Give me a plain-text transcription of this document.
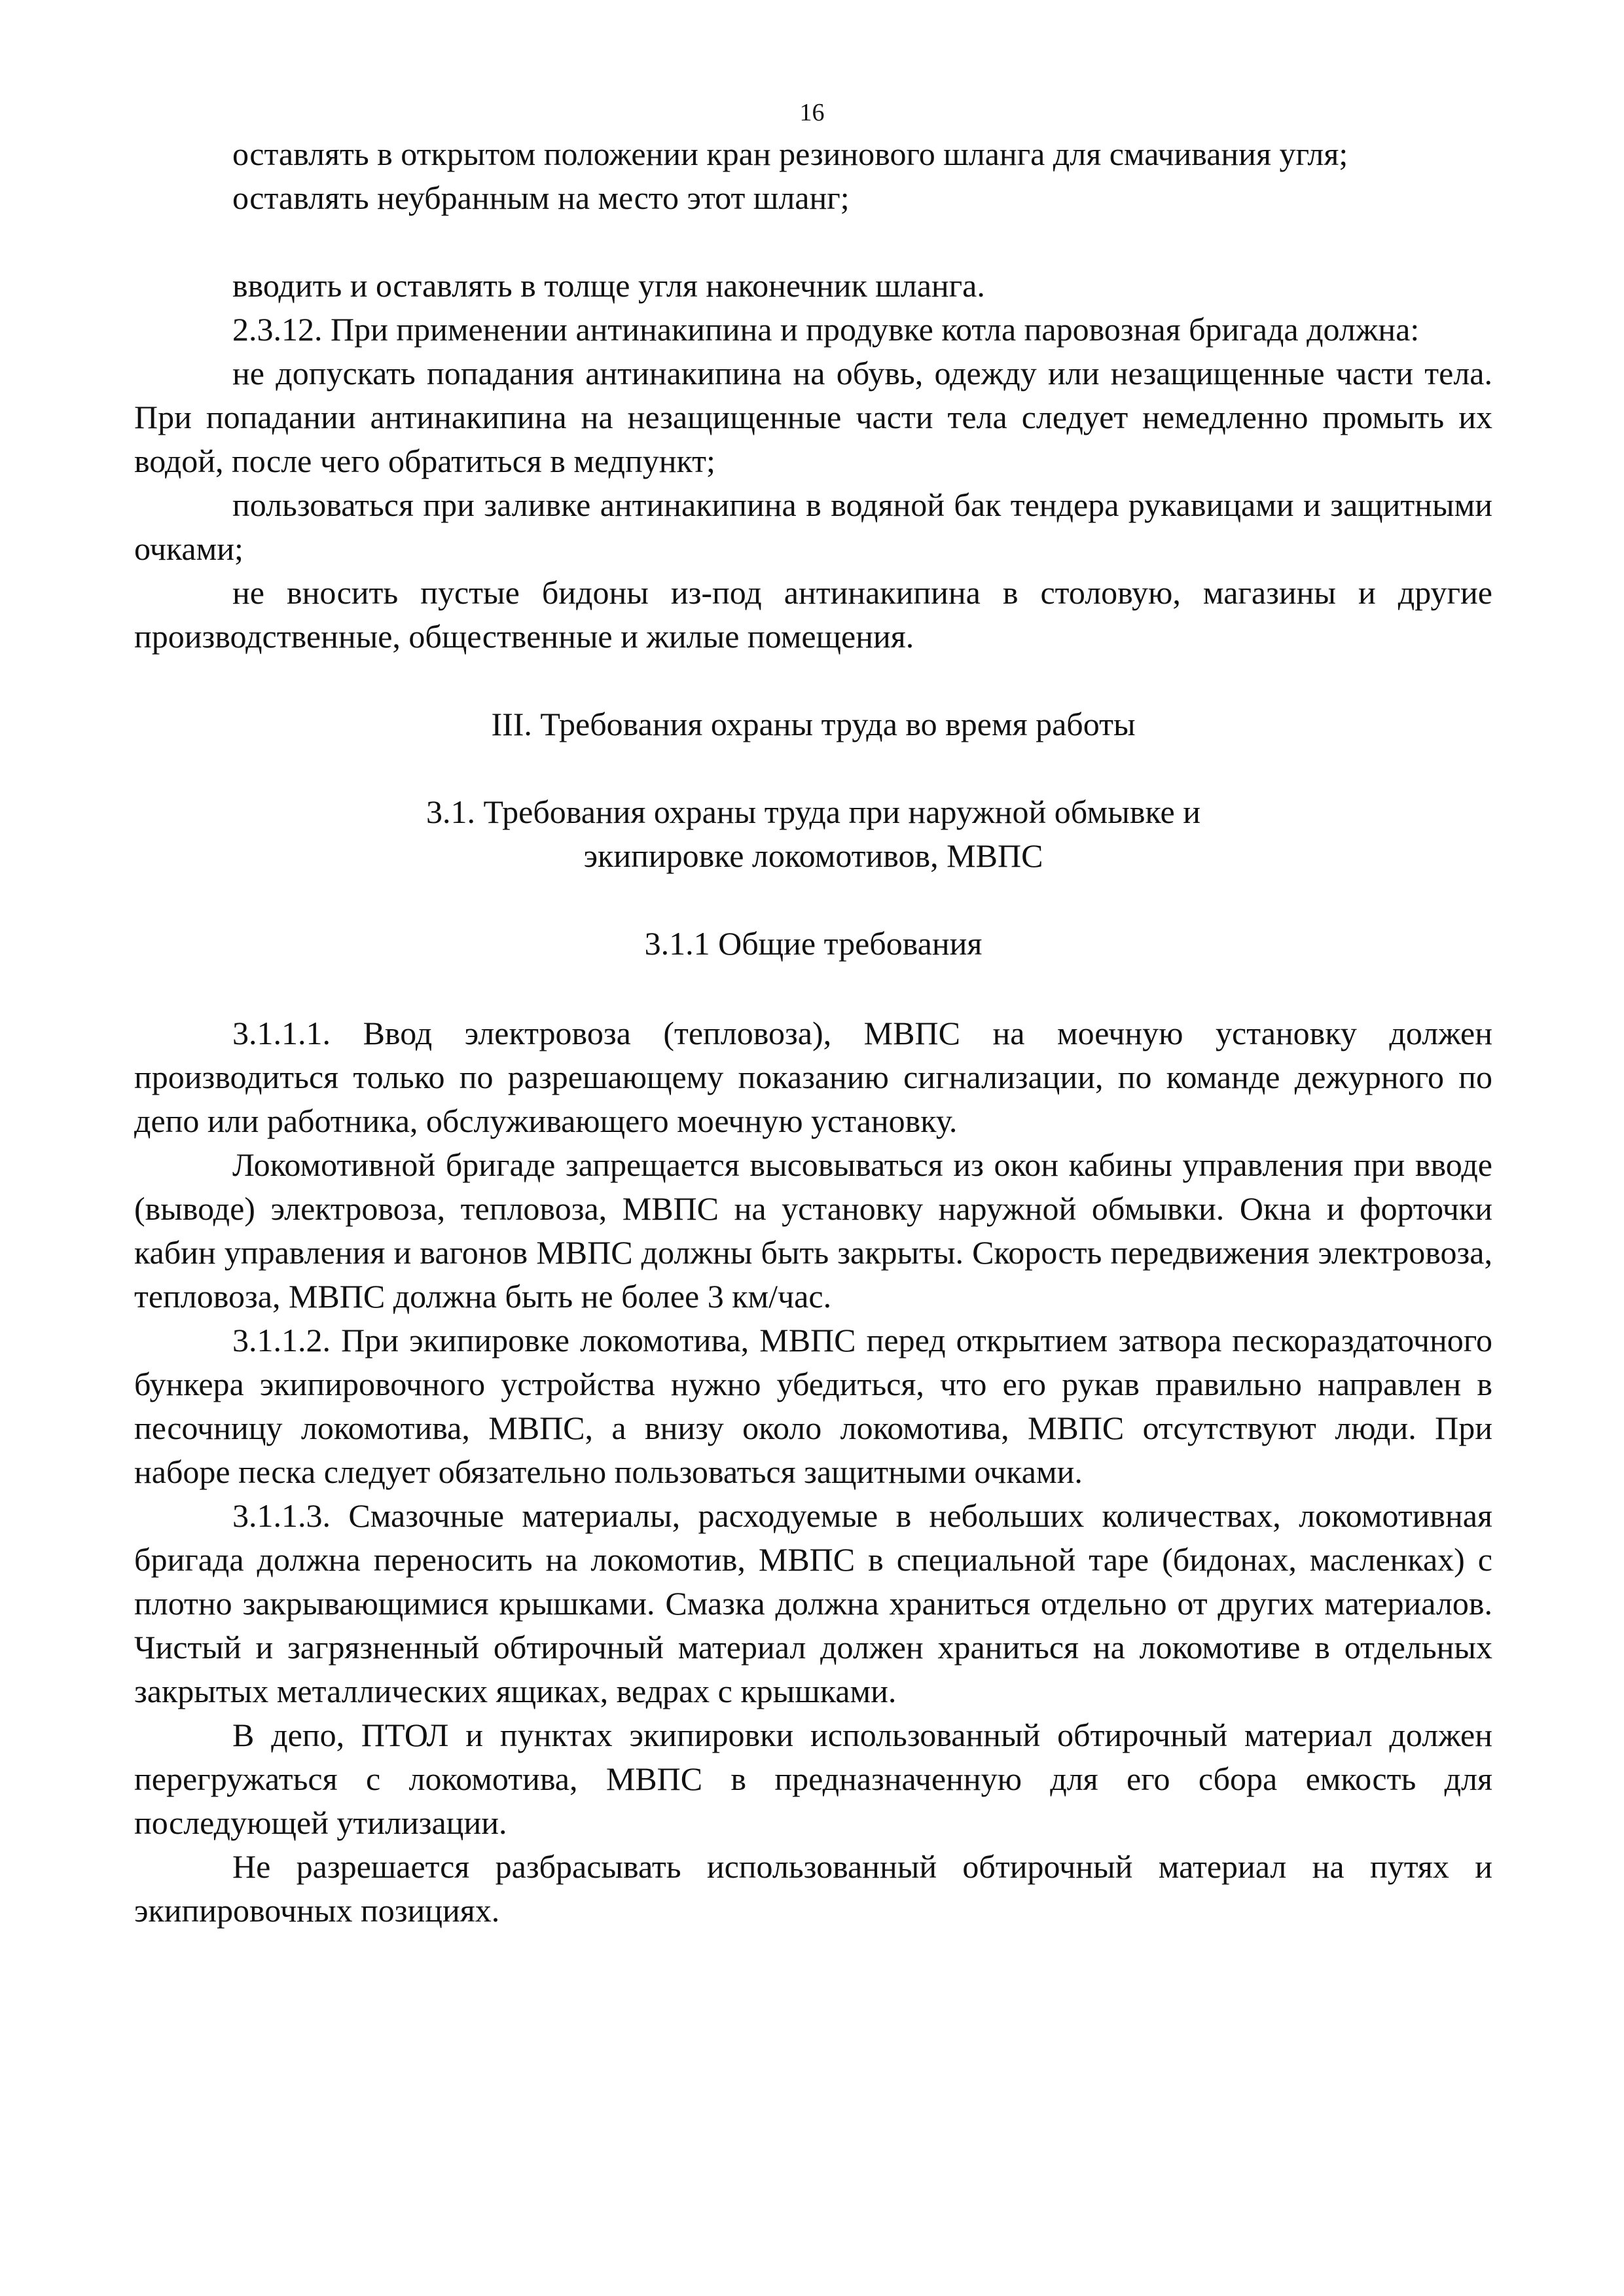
16

оставлять в открытом положении кран резинового шланга для смачивания угля;

оставлять неубранным на место этот шланг;

вводить и оставлять в толще угля наконечник шланга.

2.3.12. При применении антинакипина и продувке котла паровозная бригада должна:

не допускать попадания антинакипина на обувь, одежду или незащищенные части тела. При попадании антинакипина на незащищенные части тела следует немедленно промыть их водой, после чего обратиться в медпункт;

пользоваться при заливке антинакипина в водяной бак тендера рукавицами и защитными очками;

не вносить пустые бидоны из-под антинакипина в столовую, магазины и другие производственные, общественные и жилые помещения.

III. Требования охраны труда во время работы

3.1. Требования охраны труда при наружной обмывке и
экипировке локомотивов, МВПС

3.1.1 Общие требования

3.1.1.1. Ввод электровоза (тепловоза), МВПС на моечную установку должен производиться только по разрешающему показанию сигнализации, по команде дежурного по депо или работника, обслуживающего моечную установку.

Локомотивной бригаде запрещается высовываться из окон кабины управления при вводе (выводе) электровоза, тепловоза, МВПС на установку наружной обмывки. Окна и форточки кабин управления и вагонов МВПС должны быть закрыты. Скорость передвижения электровоза, тепловоза, МВПС должна быть не более 3 км/час.

3.1.1.2. При экипировке локомотива, МВПС перед открытием затвора пескораздаточного бункера экипировочного устройства нужно убедиться, что его рукав правильно направлен в песочницу локомотива, МВПС, а внизу около локомотива, МВПС отсутствуют люди. При наборе песка следует обязательно пользоваться защитными очками.

3.1.1.3. Смазочные материалы, расходуемые в небольших количествах, локомотивная бригада должна переносить на локомотив, МВПС в специальной таре (бидонах, масленках) с плотно закрывающимися крышками. Смазка должна храниться отдельно от других материалов. Чистый и загрязненный обтирочный материал должен храниться на локомотиве в отдельных закрытых металлических ящиках, ведрах с крышками.

В депо, ПТОЛ и пунктах экипировки использованный обтирочный материал должен перегружаться с локомотива, МВПС в предназначенную для его сбора емкость для последующей утилизации.

Не разрешается разбрасывать использованный обтирочный материал на путях и экипировочных позициях.
